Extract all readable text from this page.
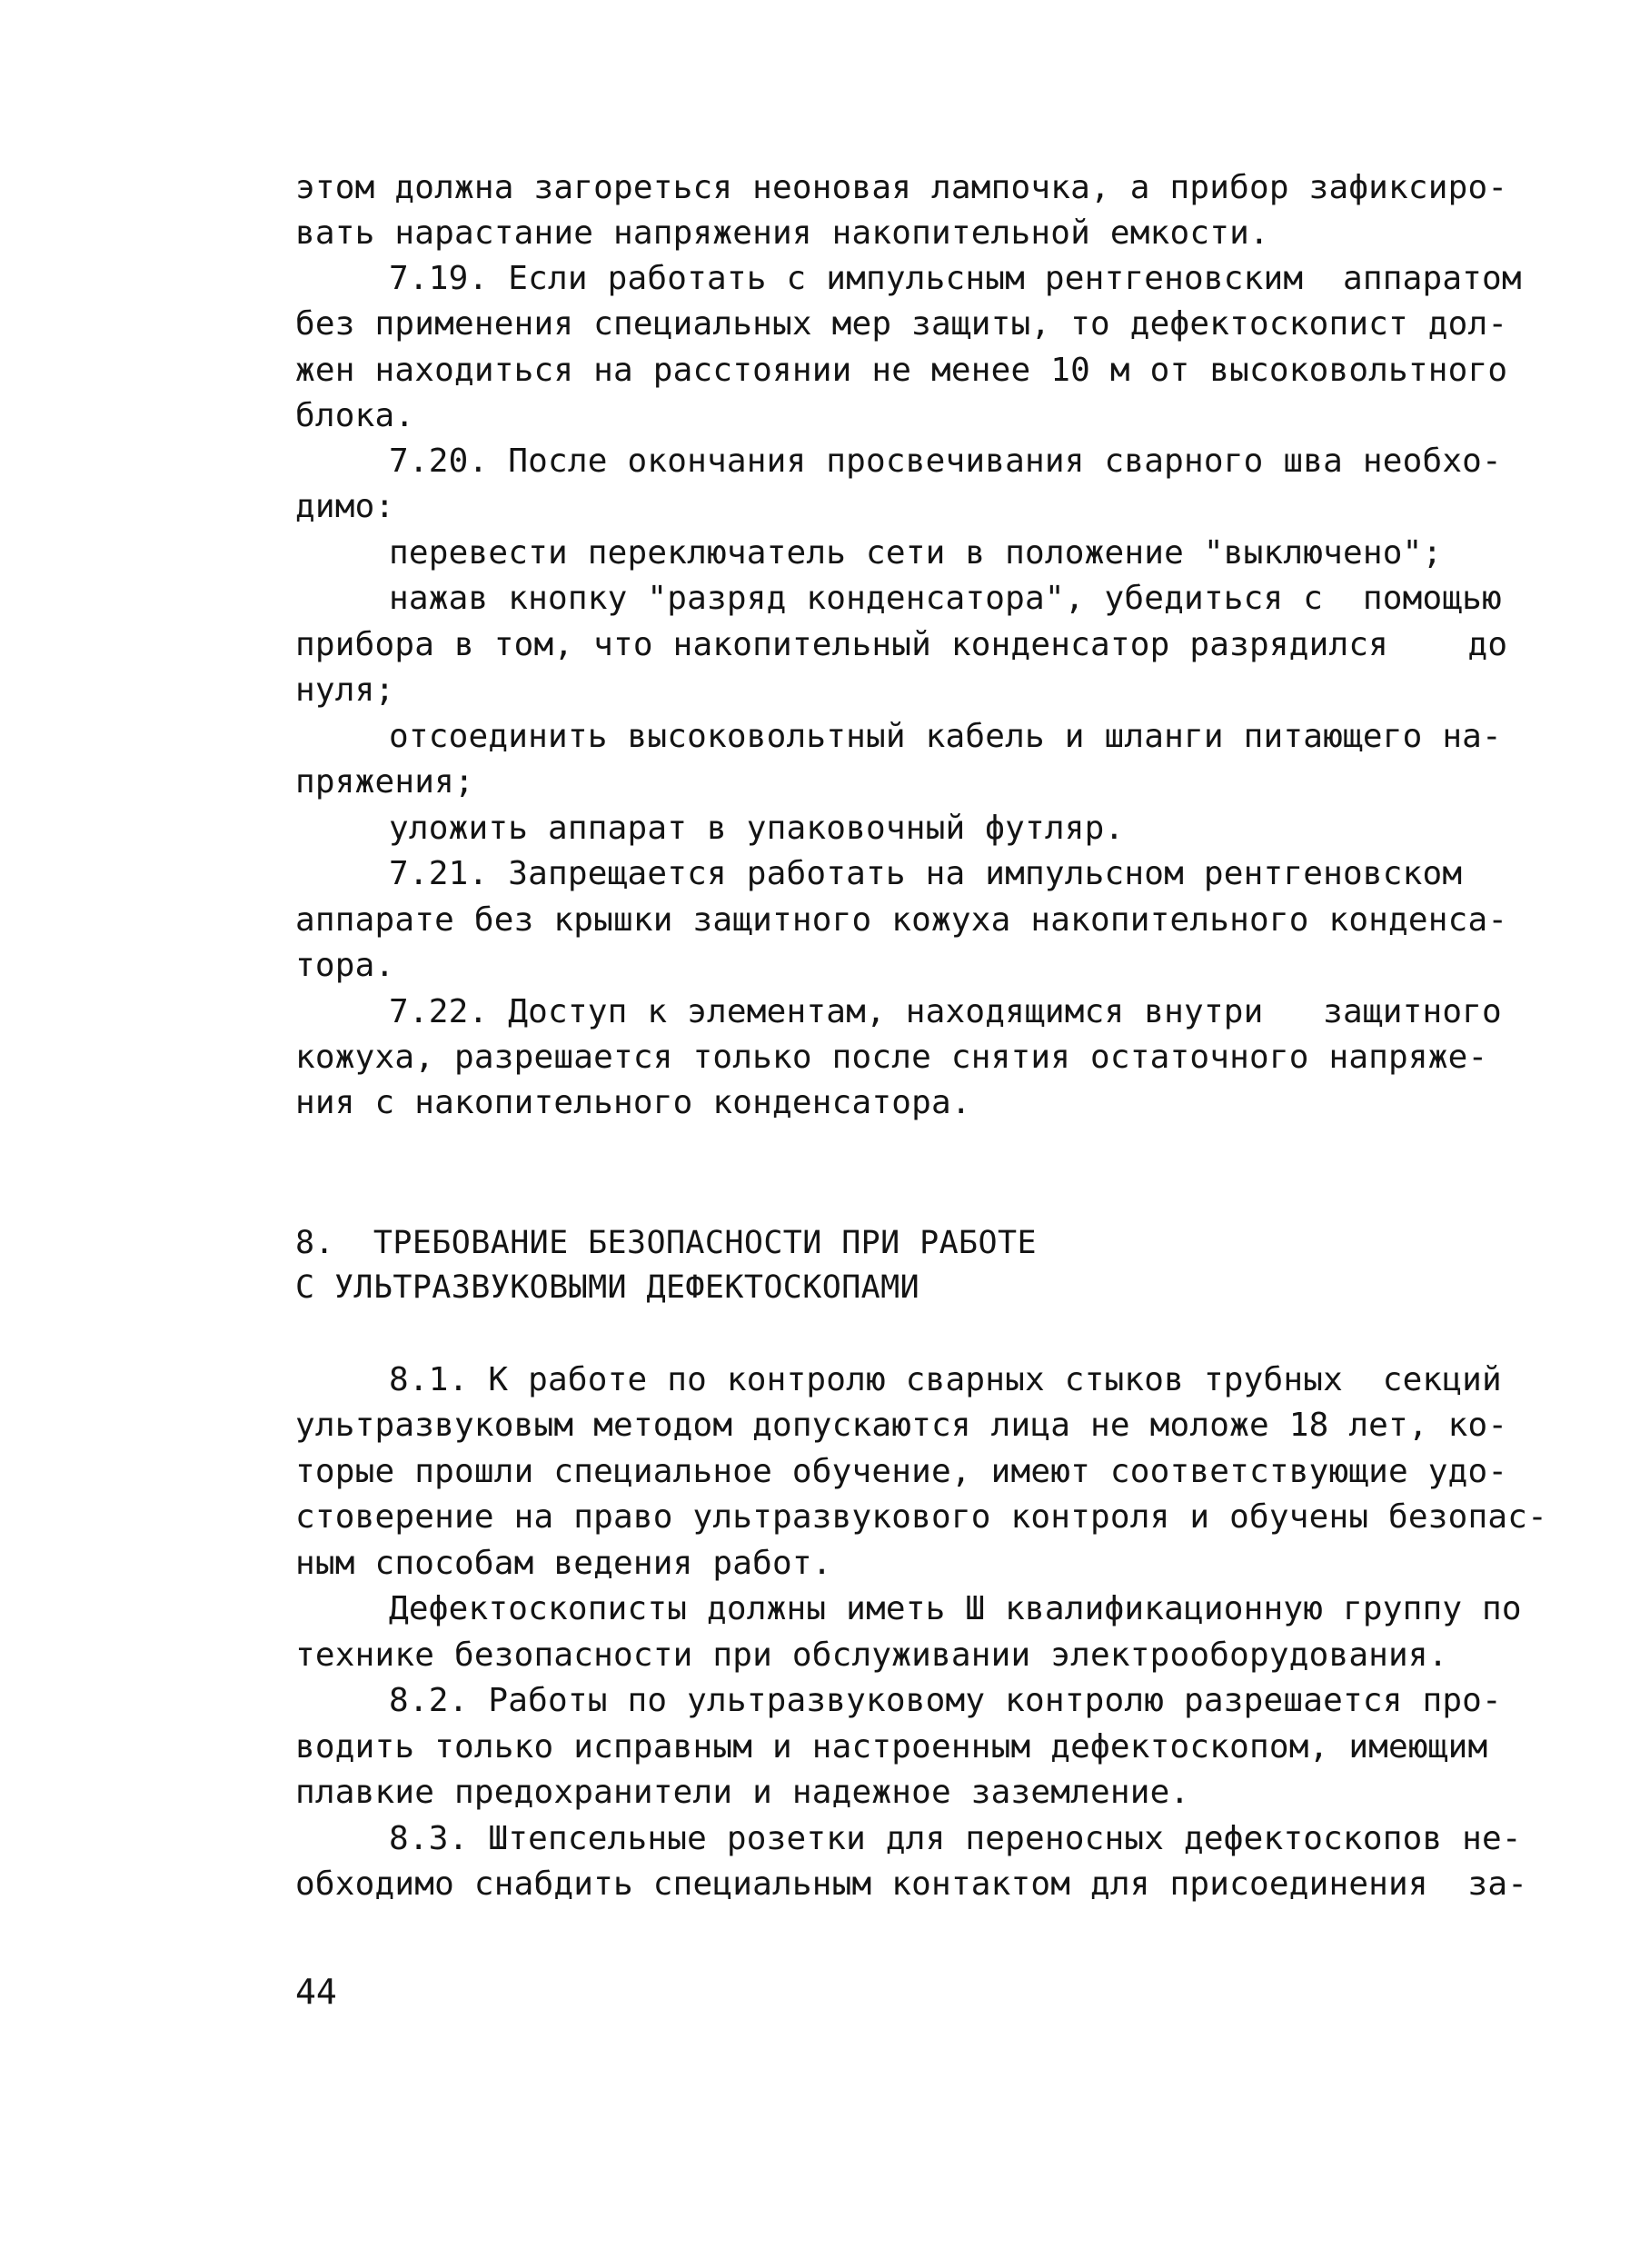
этом должна загореться неоновая лампочка, а прибор зафиксиро-
вать нарастание напряжения накопительной емкости.
7.19. Если работать с импульсным рентгеновским  аппаратом
без применения специальных мер защиты, то дефектоскопист дол-
жен находиться на расстоянии не менее 10 м от высоковольтного
блока.
7.20. После окончания просвечивания сварного шва необхо-
димо:
перевести переключатель сети в положение "выключено";
нажав кнопку "разряд конденсатора", убедиться с  помощью
прибора в том, что накопительный конденсатор разрядился    до
нуля;
отсоединить высоковольтный кабель и шланги питающего на-
пряжения;
уложить аппарат в упаковочный футляр.
7.21. Запрещается работать на импульсном рентгеновском
аппарате без крышки защитного кожуха накопительного конденса-
тора.
7.22. Доступ к элементам, находящимся внутри   защитного
кожуха, разрешается только после снятия остаточного напряже-
ния с накопительного конденсатора.
8.  ТРЕБОВАНИЕ БЕЗОПАСНОСТИ ПРИ РАБОТЕ
С УЛЬТРАЗВУКОВЫМИ ДЕФЕКТОСКОПАМИ
8.1. К работе по контролю сварных стыков трубных  секций
ультразвуковым методом допускаются лица не моложе 18 лет, ко-
торые прошли специальное обучение, имеют соответствующие удо-
стоверение на право ультразвукового контроля и обучены безопас-
ным способам ведения работ.
Дефектоскописты должны иметь Ш квалификационную группу по
технике безопасности при обслуживании электрооборудования.
8.2. Работы по ультразвуковому контролю разрешается про-
водить только исправным и настроенным дефектоскопом, имеющим
плавкие предохранители и надежное заземление.
8.3. Штепсельные розетки для переносных дефектоскопов не-
обходимо снабдить специальным контактом для присоединения  за-
44
